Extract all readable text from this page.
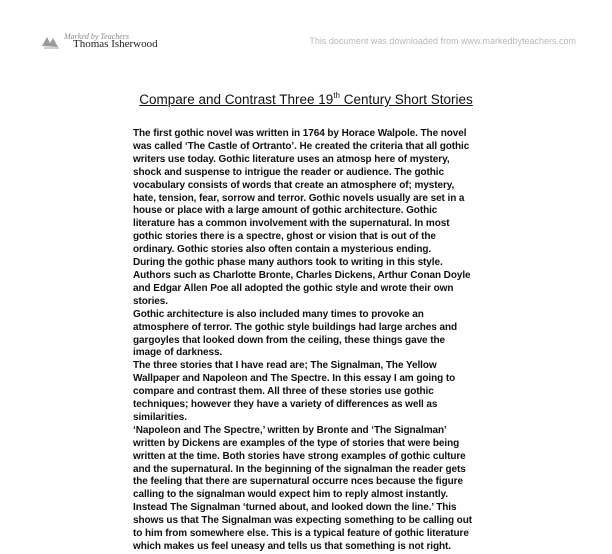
Marked by Teachers
Thomas Isherwood	This document was downloaded from www.markedbyteachers.com
Compare and Contrast Three 19th Century Short Stories
The first gothic novel was written in 1764 by Horace Walpole. The novel
was called ‘The Castle of Ortranto’. He created the criteria that all gothic
writers use today. Gothic literature uses an atmosp here of mystery,
shock and suspense to intrigue the reader or audience. The gothic
vocabulary consists of words that create an atmosphere of; mystery,
hate, tension, fear, sorrow and terror. Gothic novels usually are set in a
house or place with a large amount of gothic architecture. Gothic
literature has a common involvement with the supernatural. In most
gothic stories there is a spectre, ghost or vision that is out of the
ordinary. Gothic stories also often contain a mysterious ending.
During the gothic phase many authors took to writing in this style.
Authors such as Charlotte Bronte, Charles Dickens, Arthur Conan Doyle
and Edgar Allen Poe all adopted the gothic style and wrote their own
stories.
Gothic architecture is also included many times to provoke an
atmosphere of terror. The gothic style buildings had large arches and
gargoyles that looked down from the ceiling, these things gave the
image of darkness.
The three stories that I have read are; The Signalman, The Yellow
Wallpaper and Napoleon and The Spectre. In this essay I am going to
compare and contrast them. All three of these stories use gothic
techniques; however they have a variety of differences as well as
similarities.
‘Napoleon and The Spectre,’ written by Bronte and ‘The Signalman’
written by Dickens are examples of the type of stories that were being
written at the time. Both stories have strong examples of gothic culture
and the supernatural. In the beginning of the signalman the reader gets
the feeling that there are supernatural occurre nces because the figure
calling to the signalman would expect him to reply almost instantly.
Instead The Signalman ‘turned about, and looked down the line.’ This
shows us that The Signalman was expecting something to be calling out
to him from somewhere else. This is a typical feature of gothic literature
which makes us feel uneasy and tells us that something is not right.
